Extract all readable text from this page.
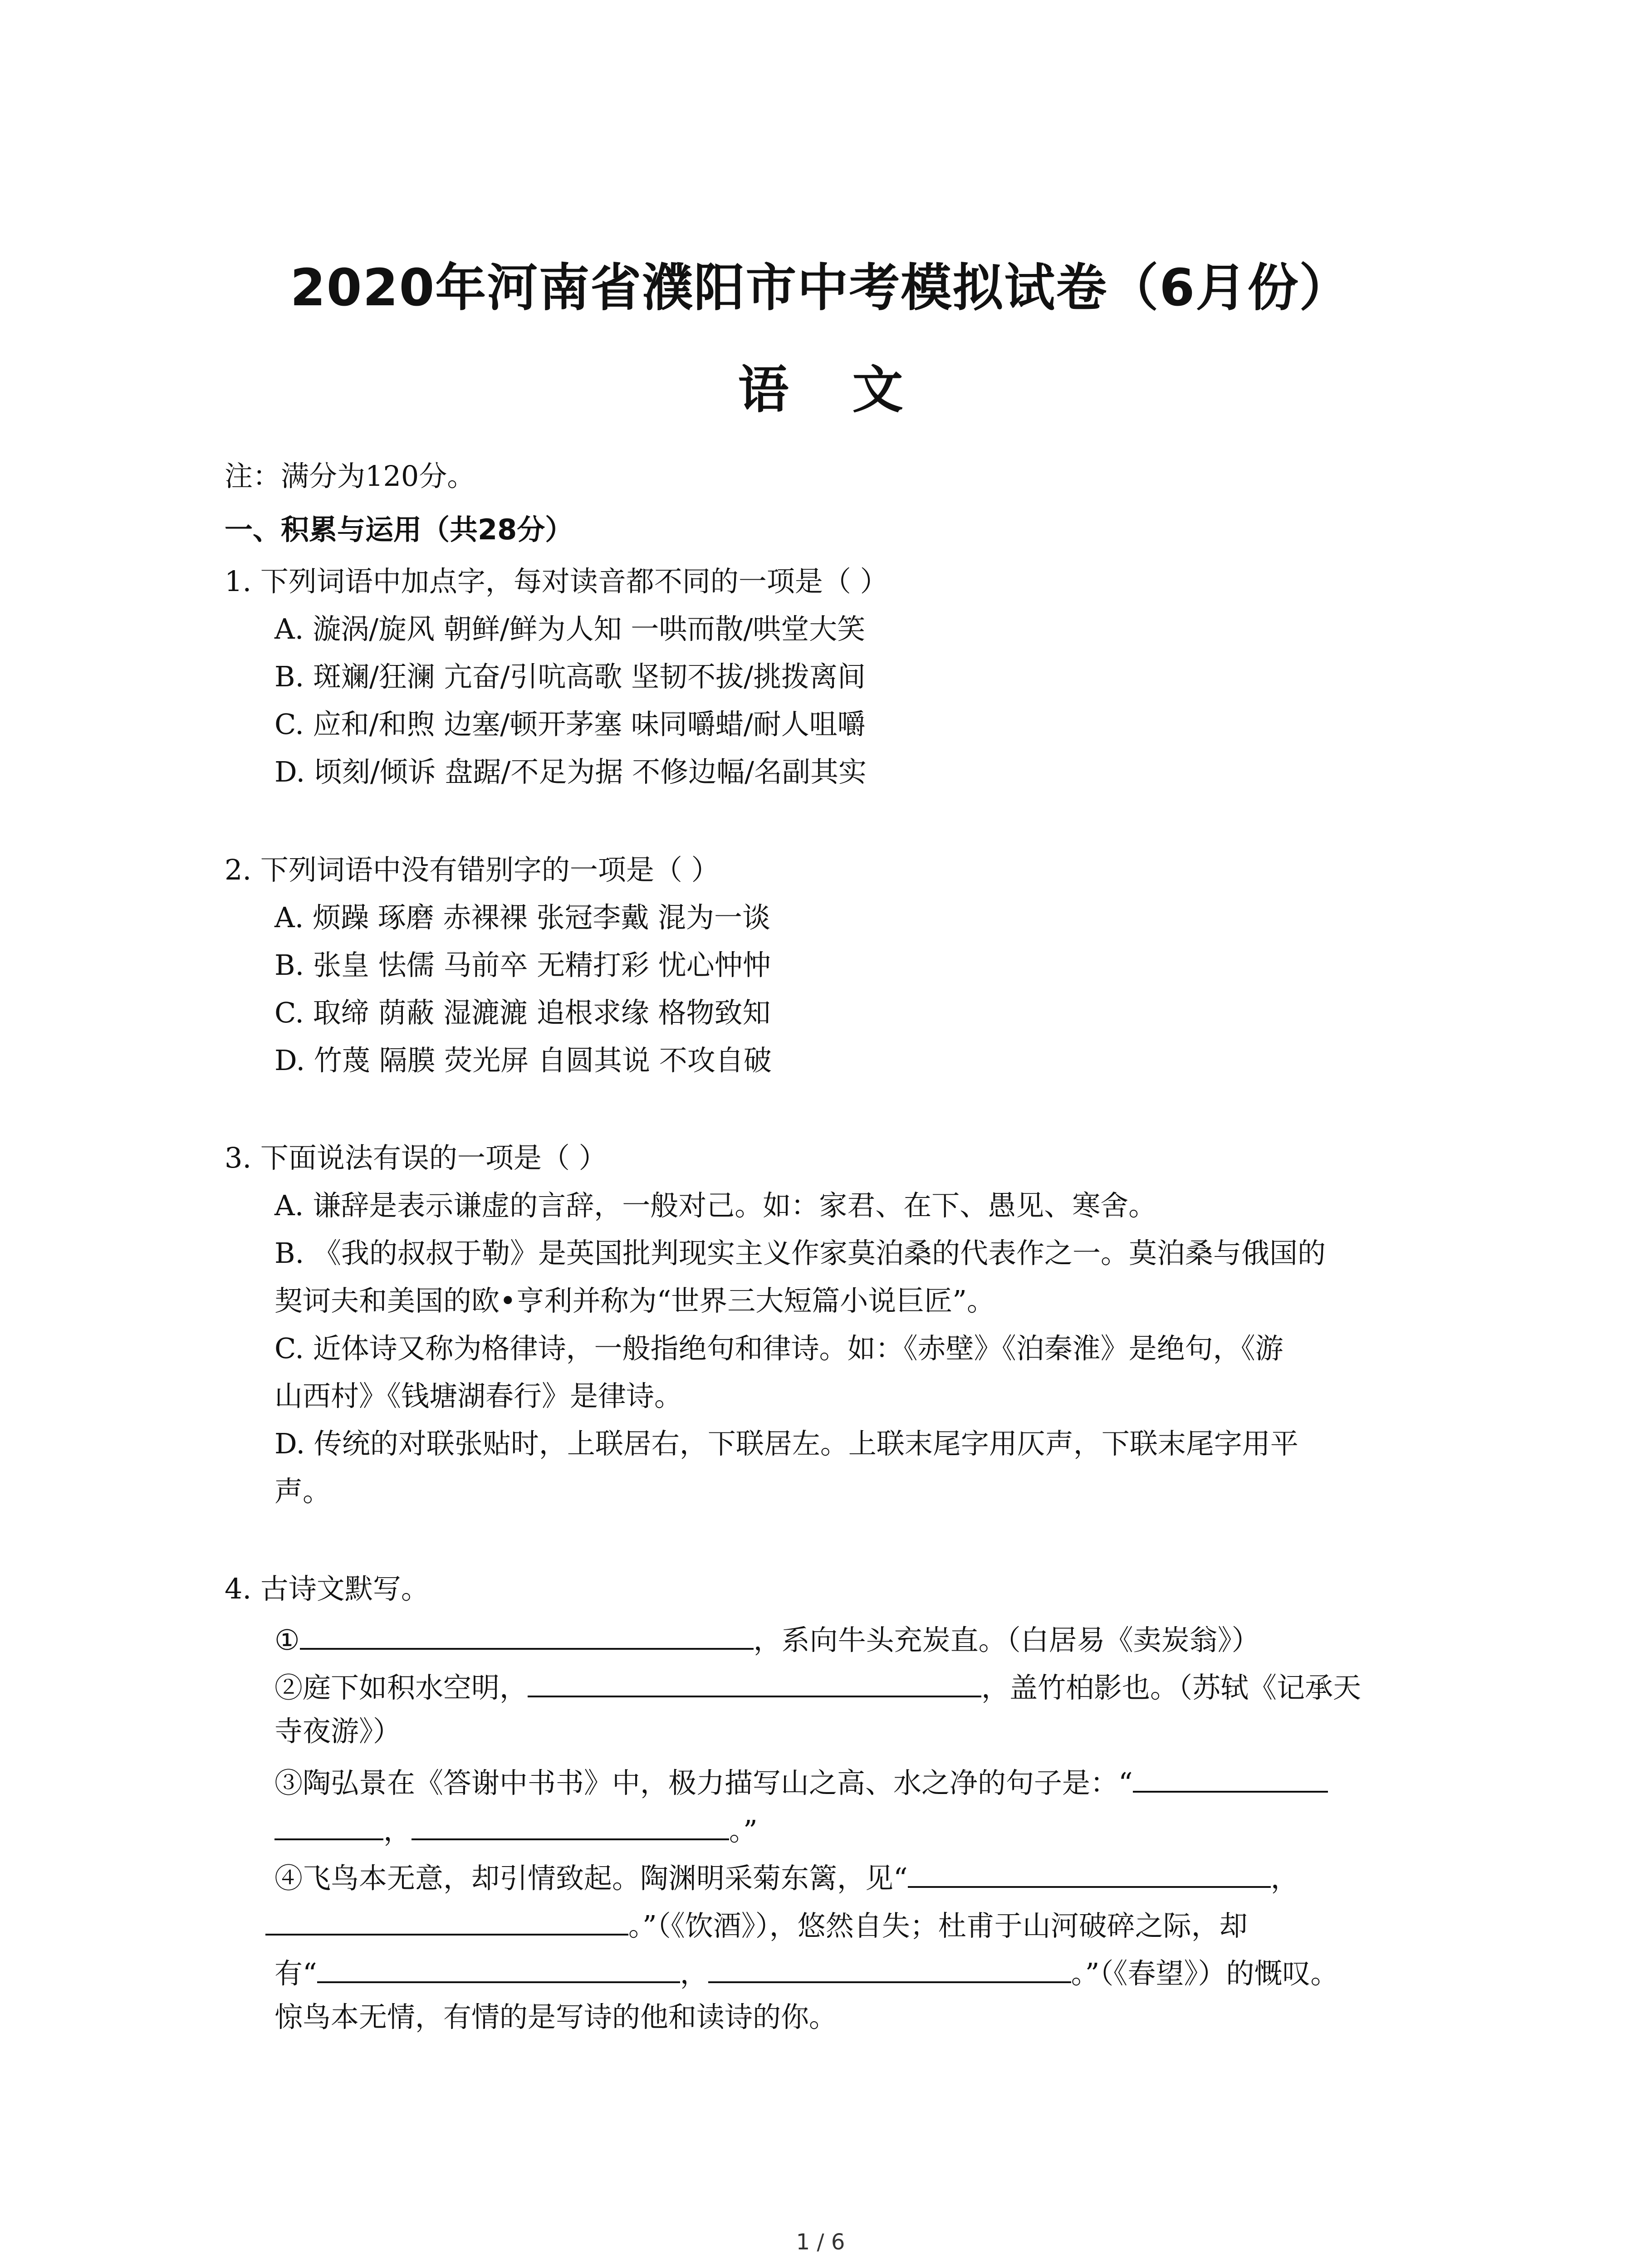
2020年河南省濮阳市中考模拟试卷（6月份）
语 文
注：满分为120分。
一、积累与运用（共28分）
1. 下列词语中加点字，每对读音都不同的一项是（ ）
A. 漩涡/旋风 朝鲜/鲜为人知 一哄而散/哄堂大笑
B. 斑斓/狂澜 亢奋/引吭高歌 坚韧不拔/挑拨离间
C. 应和/和煦 边塞/顿开茅塞 味同嚼蜡/耐人咀嚼
D. 顷刻/倾诉 盘踞/不足为据 不修边幅/名副其实
2. 下列词语中没有错别字的一项是（ ）
A. 烦躁 琢磨 赤裸裸 张冠李戴 混为一谈
B. 张皇 怯儒 马前卒 无精打彩 忧心忡忡
C. 取缔 荫蔽 湿漉漉 追根求缘 格物致知
D. 竹蔑 隔膜 荧光屏 自圆其说 不攻自破
3. 下面说法有误的一项是（ ）
A. 谦辞是表示谦虚的言辞，一般对己。如：家君、在下、愚见、寒舍。
B. 《我的叔叔于勒》是英国批判现实主义作家莫泊桑的代表作之一。莫泊桑与俄国的
契诃夫和美国的欧•亨利并称为“世界三大短篇小说巨匠”。
C. 近体诗又称为格律诗，一般指绝句和律诗。如：《赤壁》《泊秦淮》是绝句，《游
山西村》《钱塘湖春行》是律诗。
D. 传统的对联张贴时，上联居右，下联居左。上联末尾字用仄声，下联末尾字用平
声。
4. 古诗文默写。
①	，系向牛头充炭直。（白居易《卖炭翁》）
②庭下如积水空明，	，盖竹柏影也。（苏轼《记承天
寺夜游》）
③陶弘景在《答谢中书书》中，极力描写山之高、水之净的句子是：“
，	。”
④飞鸟本无意，却引情致起。陶渊明采菊东篱，见“	，
。”（《饮酒》），悠然自失；杜甫于山河破碎之际，却
有“	，	。”（《春望》）的慨叹。
惊鸟本无情，有情的是写诗的他和读诗的你。
1 / 6
